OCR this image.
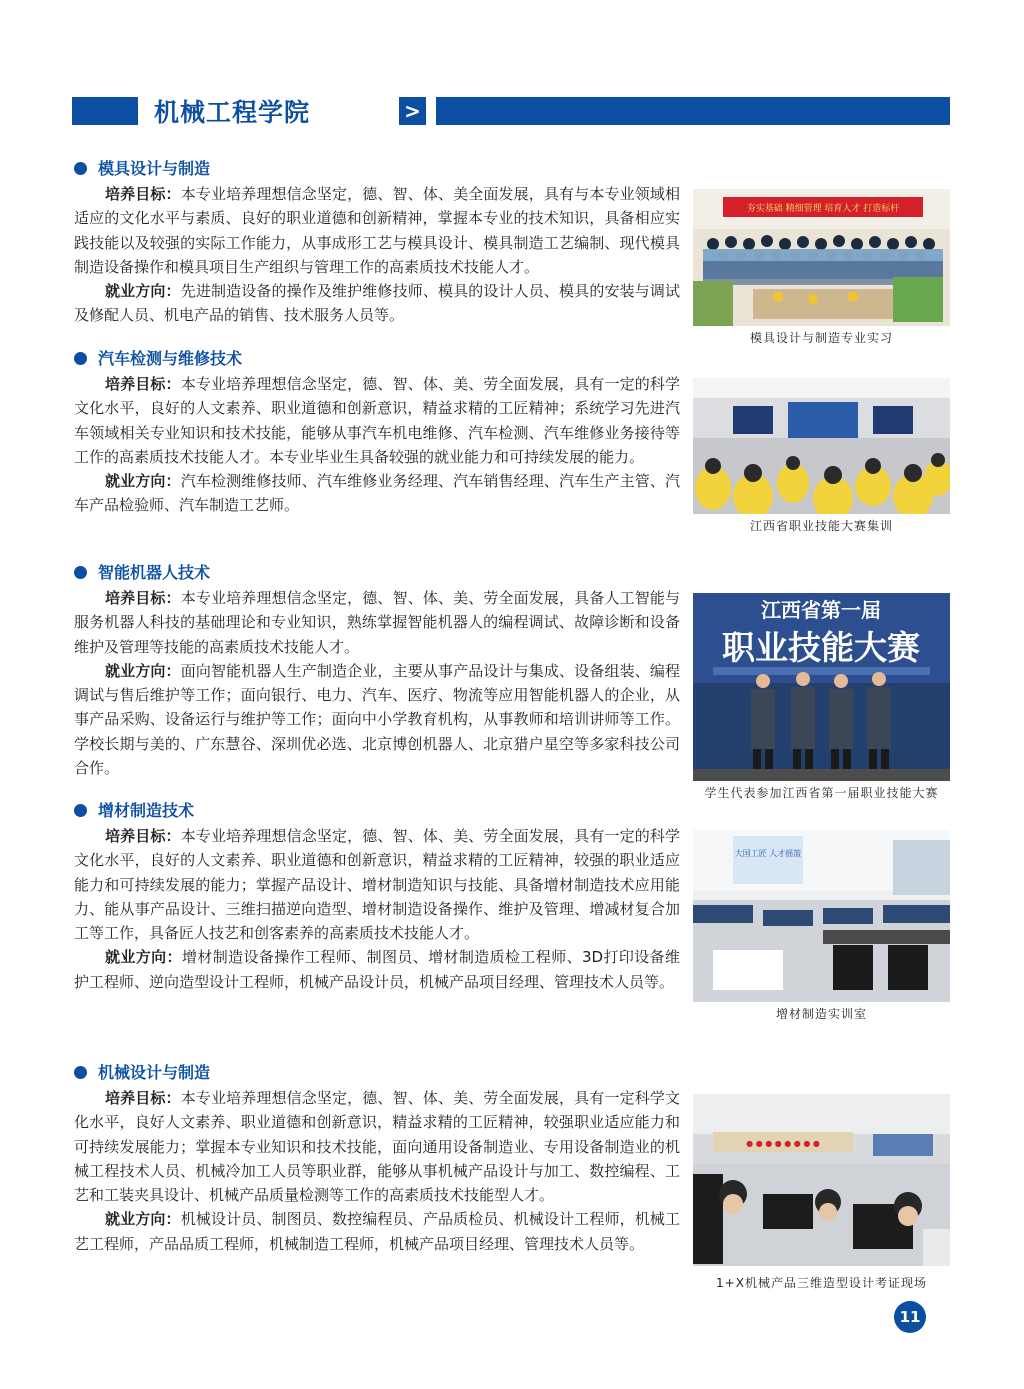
机械工程学院	>
模具设计与制造

培养目标：本专业培养理想信念坚定，德、智、体、美全面发展，具有与本专业领域相适应的文化水平与素质、良好的职业道德和创新精神，掌握本专业的技术知识，具备相应实践技能以及较强的实际工作能力，从事成形工艺与模具设计、模具制造工艺编制、现代模具制造设备操作和模具项目生产组织与管理工作的高素质技术技能人才。

就业方向：先进制造设备的操作及维护维修技师、模具的设计人员、模具的安装与调试及修配人员、机电产品的销售、技术服务人员等。

汽车检测与维修技术

培养目标：本专业培养理想信念坚定，德、智、体、美、劳全面发展，具有一定的科学文化水平，良好的人文素养、职业道德和创新意识，精益求精的工匠精神；系统学习先进汽车领域相关专业知识和技术技能，能够从事汽车机电维修、汽车检测、汽车维修业务接待等工作的高素质技术技能人才。本专业毕业生具备较强的就业能力和可持续发展的能力。

就业方向：汽车检测维修技师、汽车维修业务经理、汽车销售经理、汽车生产主管、汽车产品检验师、汽车制造工艺师。

智能机器人技术

培养目标：本专业培养理想信念坚定，德、智、体、美、劳全面发展，具备人工智能与服务机器人科技的基础理论和专业知识，熟练掌握智能机器人的编程调试、故障诊断和设备维护及管理等技能的高素质技术技能人才。

就业方向：面向智能机器人生产制造企业，主要从事产品设计与集成、设备组装、编程调试与售后维护等工作；面向银行、电力、汽车、医疗、物流等应用智能机器人的企业，从事产品采购、设备运行与维护等工作；面向中小学教育机构，从事教师和培训讲师等工作。学校长期与美的、广东慧谷、深圳优必选、北京博创机器人、北京猎户星空等多家科技公司合作。

增材制造技术

培养目标：本专业培养理想信念坚定，德、智、体、美、劳全面发展，具有一定的科学文化水平，良好的人文素养、职业道德和创新意识，精益求精的工匠精神，较强的职业适应能力和可持续发展的能力；掌握产品设计、增材制造知识与技能、具备增材制造技术应用能力、能从事产品设计、三维扫描逆向造型、增材制造设备操作、维护及管理、增减材复合加工等工作，具备匠人技艺和创客素养的高素质技术技能人才。

就业方向：增材制造设备操作工程师、制图员、增材制造质检工程师、3D打印设备维护工程师、逆向造型设计工程师，机械产品设计员，机械产品项目经理、管理技术人员等。

机械设计与制造

培养目标：本专业培养理想信念坚定，德、智、体、美、劳全面发展，具有一定科学文化水平，良好人文素养、职业道德和创新意识，精益求精的工匠精神，较强职业适应能力和可持续发展能力；掌握本专业知识和技术技能，面向通用设备制造业、专用设备制造业的机械工程技术人员、机械冷加工人员等职业群，能够从事机械产品设计与加工、数控编程、工艺和工装夹具设计、机械产品质量检测等工作的高素质技术技能型人才。

就业方向：机械设计员、制图员、数控编程员、产品质检员、机械设计工程师，机械工艺工程师，产品品质工程师，机械制造工程师，机械产品项目经理、管理技术人员等。

夯实基础 精细管理 培育人才 打造标杆
模具设计与制造专业实习
江西省职业技能大赛集训
江西省第一届
职业技能大赛
学生代表参加江西省第一届职业技能大赛
大国工匠 人才摇篮
增材制造实训室
● ● ● ● ● ● ● ●
1+X机械产品三维造型设计考证现场
11
